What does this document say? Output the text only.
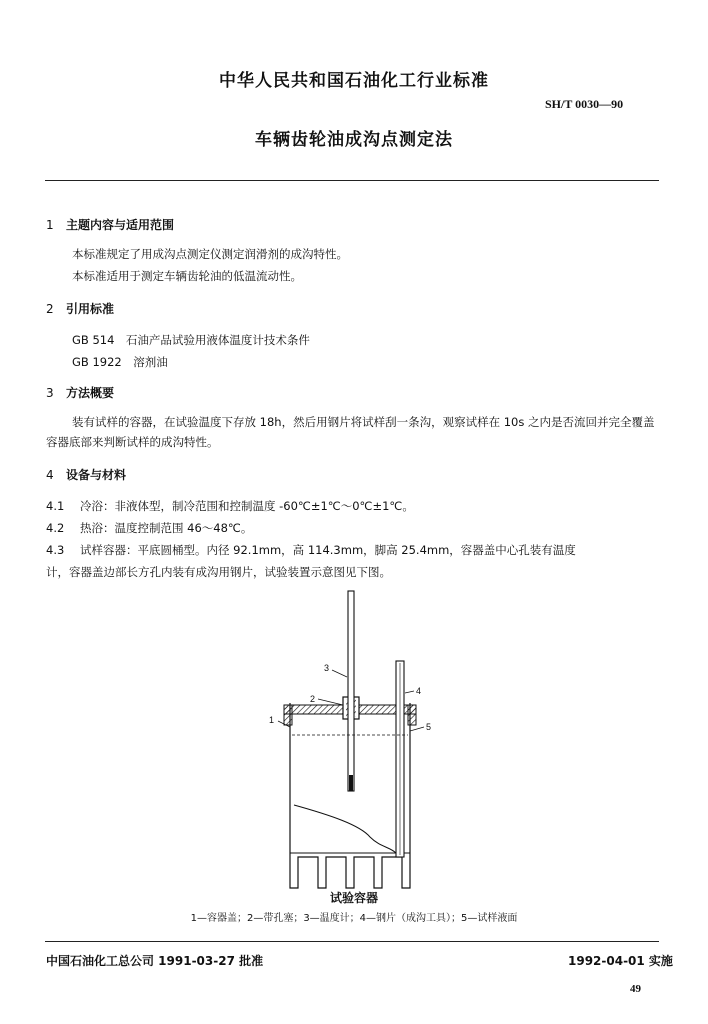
中华人民共和国石油化工行业标准
SH/T 0030—90
车辆齿轮油成沟点测定法
1 主题内容与适用范围
本标准规定了用成沟点测定仪测定润滑剂的成沟特性。
本标准适用于测定车辆齿轮油的低温流动性。
2 引用标准
GB 514　石油产品试验用液体温度计技术条件
GB 1922　溶剂油
3 方法概要
装有试样的容器，在试验温度下存放 18h，然后用钢片将试样刮一条沟，观察试样在 10s 之内是否流回并完全覆盖容器底部来判断试样的成沟特性。
4 设备与材料
4.1 冷浴：非液体型，制冷范围和控制温度 -60℃±1℃～0℃±1℃。
4.2 热浴：温度控制范围 46～48℃。
4.3 试样容器：平底圆桶型。内径 92.1mm，高 114.3mm，脚高 25.4mm，容器盖中心孔装有温度
计，容器盖边部长方孔内装有成沟用钢片，试验装置示意图见下图。
3
2
1
4
5
试验容器
1—容器盖；2—带孔塞；3—温度计；4—钢片（成沟工具）；5—试样液面
中国石油化工总公司 1991-03-27 批准	1992-04-01 实施
49
